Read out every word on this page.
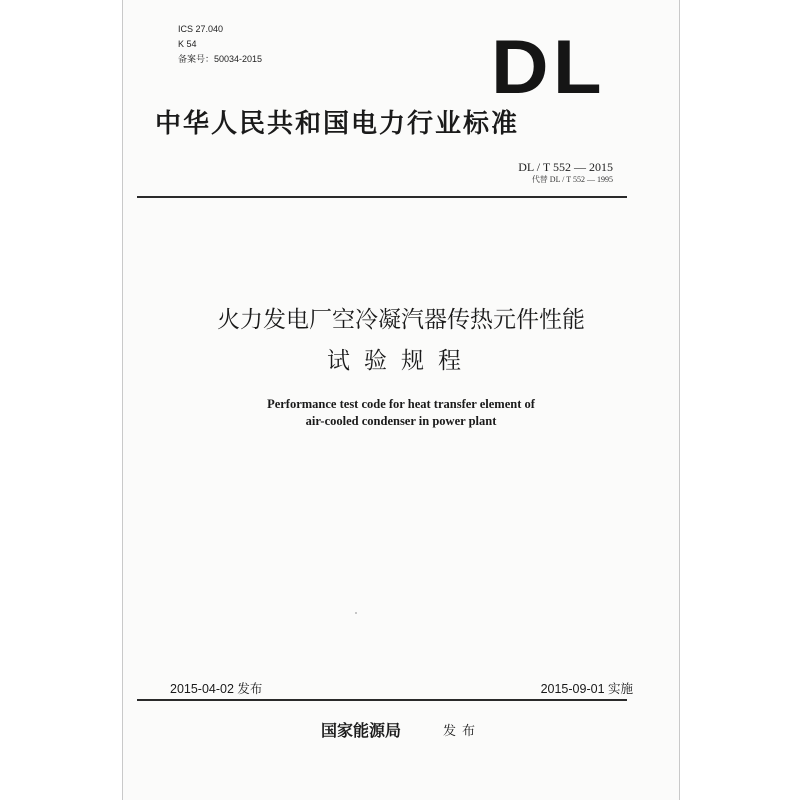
ICS 27.040
K 54
备案号：50034-2015	DL
中华人民共和国电力行业标准
DL / T 552 — 2015
代替 DL / T 552 — 1995
火力发电厂空冷凝汽器传热元件性能
试验规程
Performance test code for heat transfer element of
air-cooled condenser in power plant
2015-04-02 发布	2015-09-01 实施
国家能源局	发布
